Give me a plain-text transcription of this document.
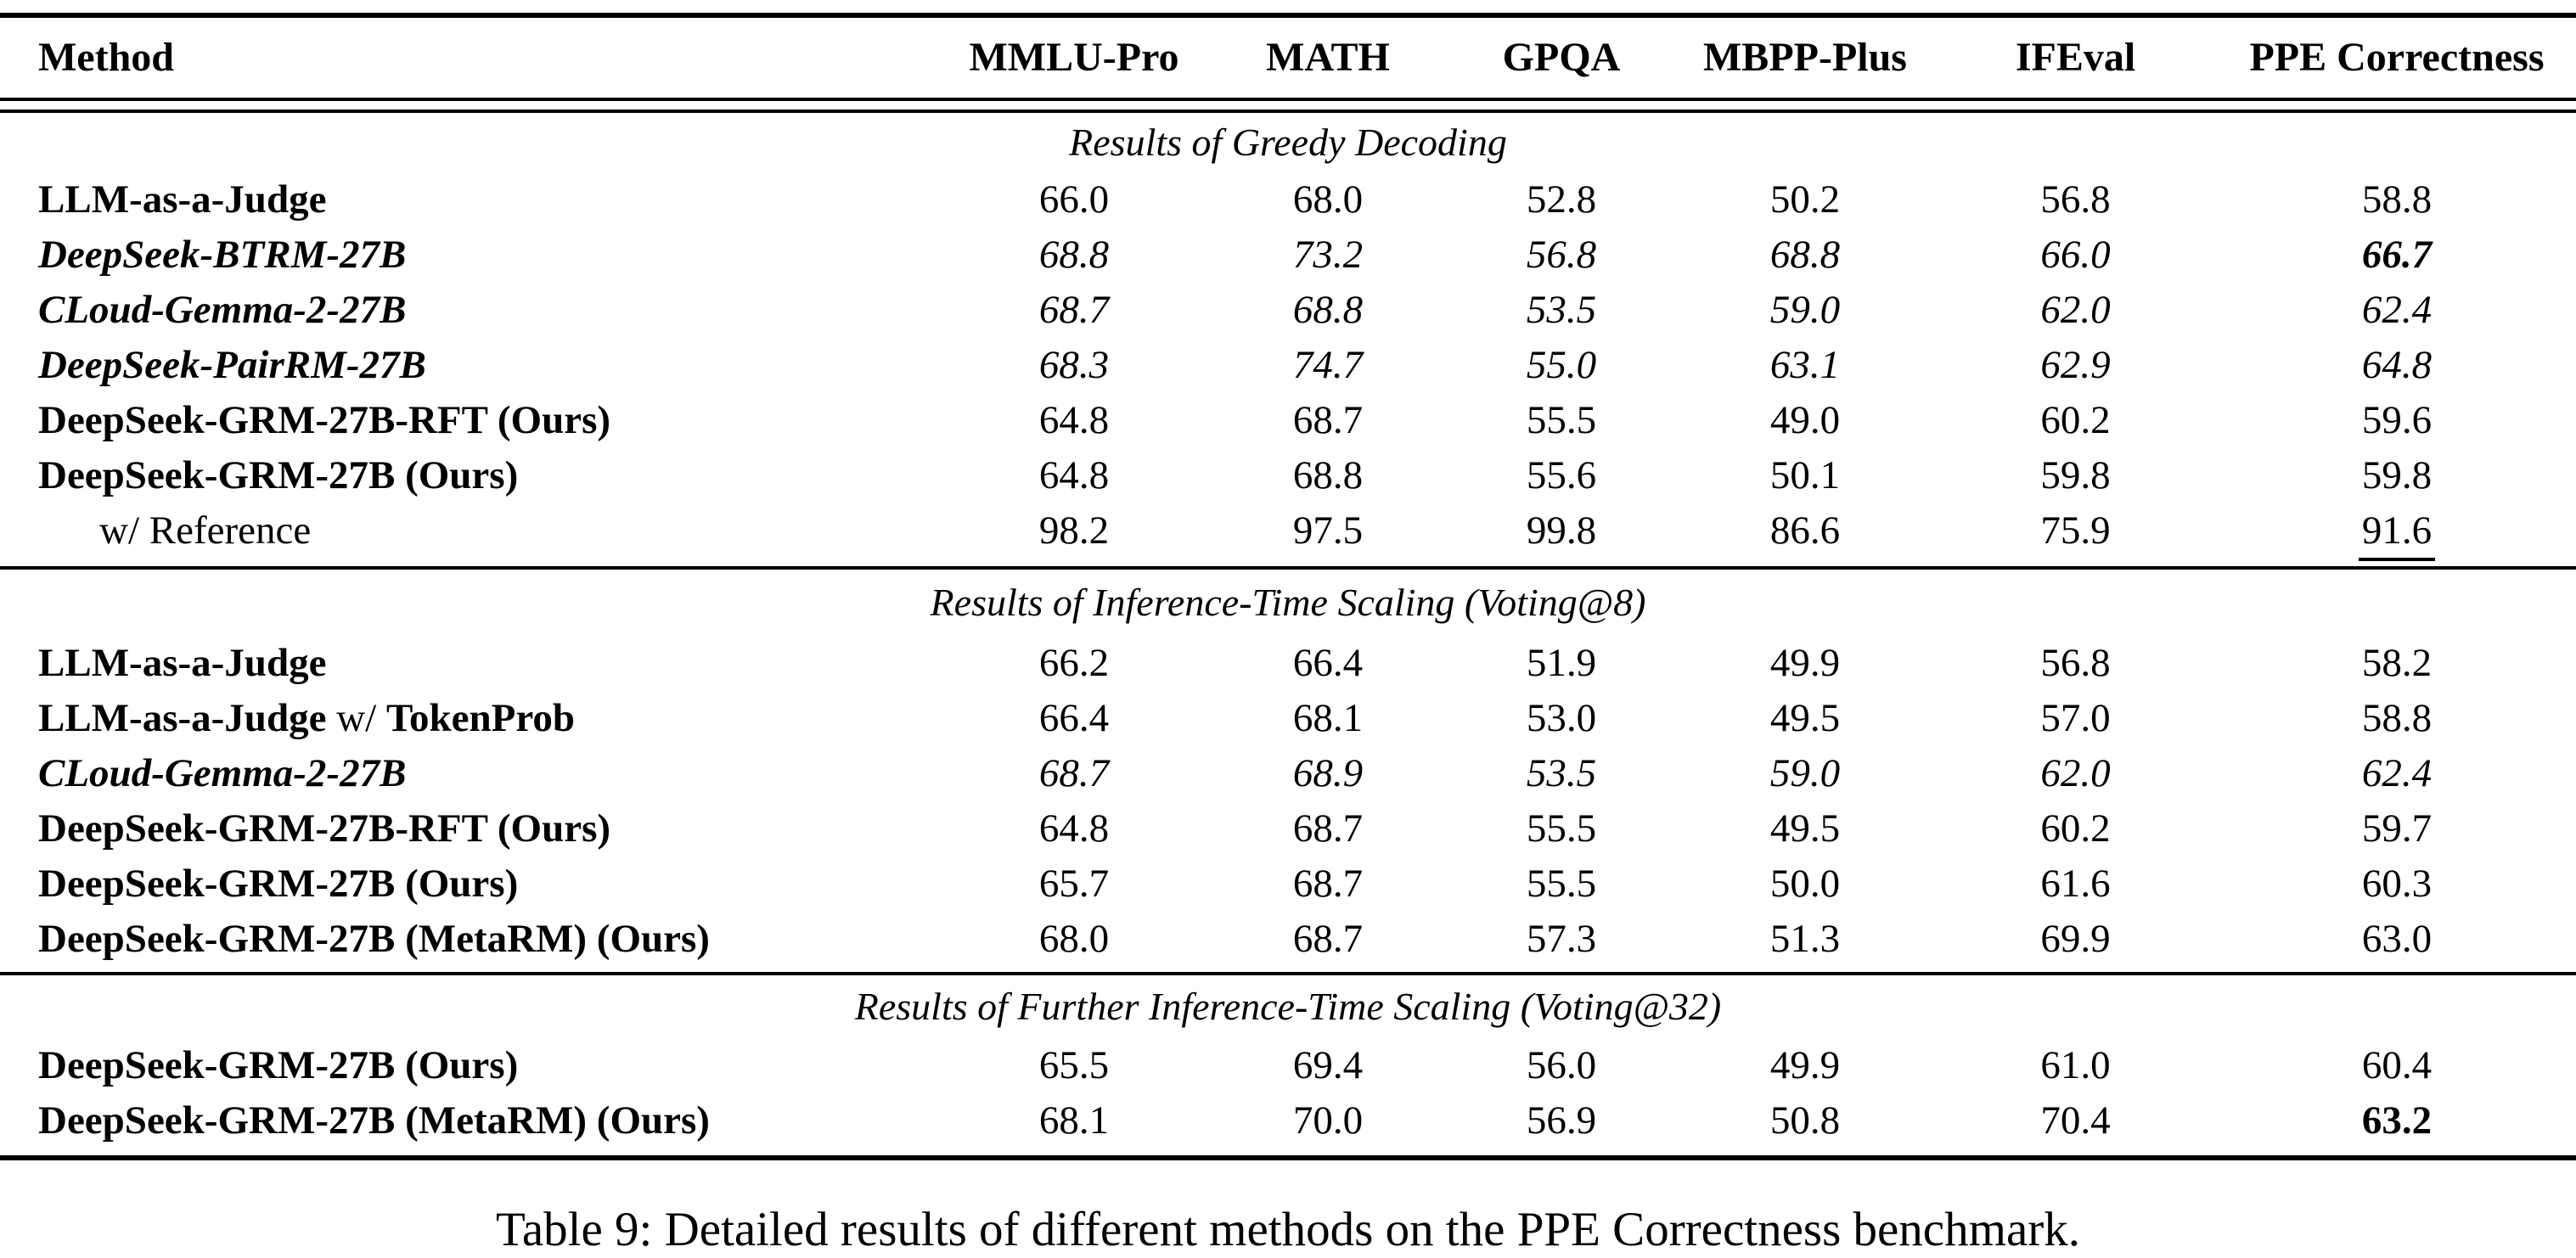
Method	MMLU-Pro	MATH	GPQA	MBPP-Plus	IFEval	PPE Correctness
Results of Greedy Decoding
LLM-as-a-Judge	66.0	68.0	52.8	50.2	56.8	58.8
DeepSeek-BTRM-27B	68.8	73.2	56.8	68.8	66.0	66.7
CLoud-Gemma-2-27B	68.7	68.8	53.5	59.0	62.0	62.4
DeepSeek-PairRM-27B	68.3	74.7	55.0	63.1	62.9	64.8
DeepSeek-GRM-27B-RFT (Ours)	64.8	68.7	55.5	49.0	60.2	59.6
DeepSeek-GRM-27B (Ours)	64.8	68.8	55.6	50.1	59.8	59.8
w/ Reference	98.2	97.5	99.8	86.6	75.9	91.6
Results of Inference-Time Scaling (Voting@8)
LLM-as-a-Judge	66.2	66.4	51.9	49.9	56.8	58.2
LLM-as-a-Judge w/ TokenProb	66.4	68.1	53.0	49.5	57.0	58.8
CLoud-Gemma-2-27B	68.7	68.9	53.5	59.0	62.0	62.4
DeepSeek-GRM-27B-RFT (Ours)	64.8	68.7	55.5	49.5	60.2	59.7
DeepSeek-GRM-27B (Ours)	65.7	68.7	55.5	50.0	61.6	60.3
DeepSeek-GRM-27B (MetaRM) (Ours)	68.0	68.7	57.3	51.3	69.9	63.0
Results of Further Inference-Time Scaling (Voting@32)
DeepSeek-GRM-27B (Ours)	65.5	69.4	56.0	49.9	61.0	60.4
DeepSeek-GRM-27B (MetaRM) (Ours)	68.1	70.0	56.9	50.8	70.4	63.2
Table 9: Detailed results of different methods on the PPE Correctness benchmark.
